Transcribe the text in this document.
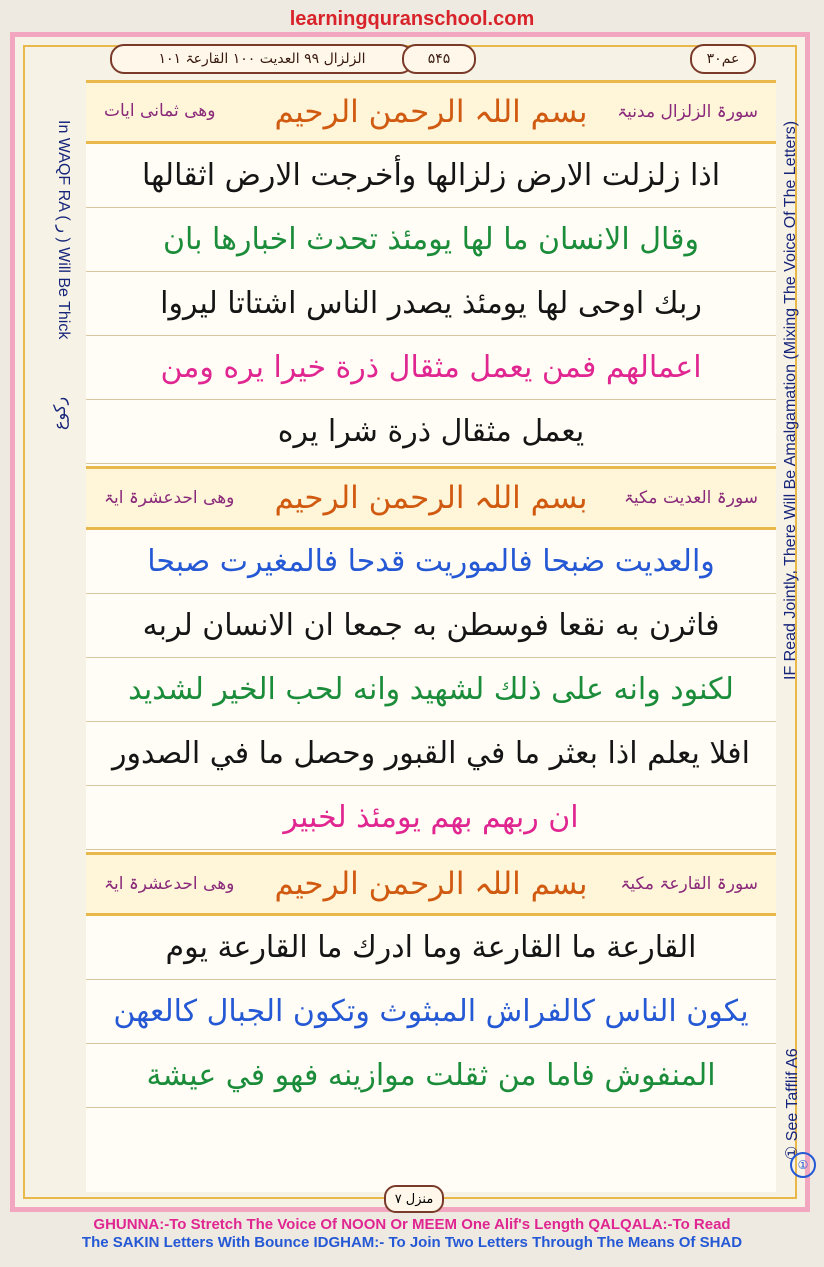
learningquranschool.com
الزلزال ۹۹ العدیت ۱۰۰ القارعۃ ۱۰۱	۵۴۵	عم۳۰
In WAQF RA ( ر ) Will Be Thick	IF Read Jointly, There Will Be Amalgamation (Mixing The Voice Of The Letters)
① See Tafflif A6
رکوع
سورۃ الزلزال مدنیۃ
بسم اللہ الرحمن الرحیم
وھی ثمانی ایات
اذا زلزلت الارض زلزالها وأخرجت الارض اثقالها
وقال الانسان ما لها يومئذ تحدث اخبارها بان
ربك اوحى لها يومئذ يصدر الناس اشتاتا ليروا
اعمالهم فمن يعمل مثقال ذرة خيرا يره ومن
يعمل مثقال ذرة شرا يره
سورۃ العدیت مکیۃ
بسم اللہ الرحمن الرحیم
وھی احدعشرۃ ایۃ
والعديت ضبحا فالموريت قدحا فالمغيرت صبحا
فاثرن به نقعا فوسطن به جمعا ان الانسان لربه
لكنود وانه على ذلك لشهيد وانه لحب الخير لشديد
افلا يعلم اذا بعثر ما في القبور وحصل ما في الصدور
ان ربهم بهم يومئذ لخبير
سورۃ القارعۃ مکیۃ
بسم اللہ الرحمن الرحیم
وھی احدعشرۃ ایۃ
القارعة ما القارعة وما ادرك ما القارعة يوم
يكون الناس كالفراش المبثوث وتكون الجبال كالعهن
المنفوش فاما من ثقلت موازينه فهو في عيشة
①
منزل ۷
GHUNNA:-To Stretch The Voice Of NOON Or MEEM One Alif's Length QALQALA:-To Read
The SAKIN Letters With Bounce IDGHAM:- To Join Two Letters Through The Means Of SHAD
